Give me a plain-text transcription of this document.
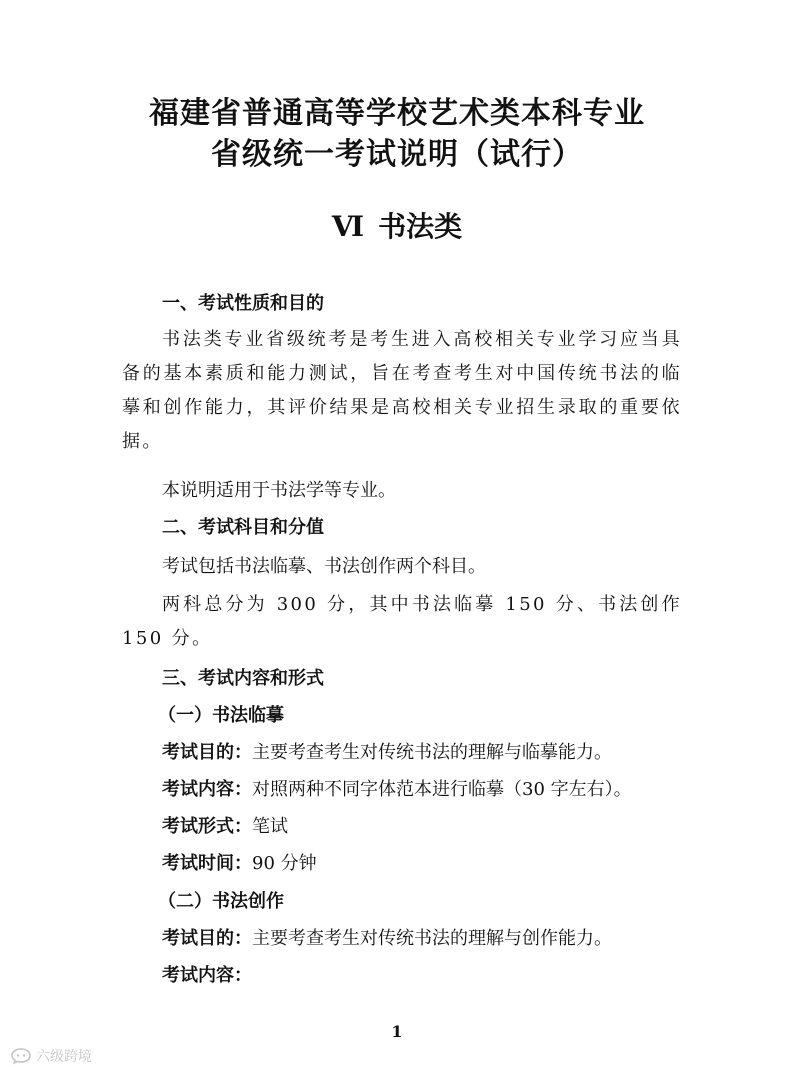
福建省普通高等学校艺术类本科专业
省级统一考试说明（试行）
Ⅵ 书法类
一、考试性质和目的

书法类专业省级统考是考生进入高校相关专业学习应当具备的基本素质和能力测试，旨在考查考生对中国传统书法的临摹和创作能力，其评价结果是高校相关专业招生录取的重要依据。

本说明适用于书法学等专业。
二、考试科目和分值
考试包括书法临摹、书法创作两个科目。

两科总分为 300 分，其中书法临摹 150 分、书法创作 150 分。

三、考试内容和形式
（一）书法临摹
考试目的：主要考查考生对传统书法的理解与临摹能力。
考试内容：对照两种不同字体范本进行临摹（30 字左右）。
考试形式：笔试
考试时间：90 分钟
（二）书法创作
考试目的：主要考查考生对传统书法的理解与创作能力。
考试内容：
1
六级跨境
